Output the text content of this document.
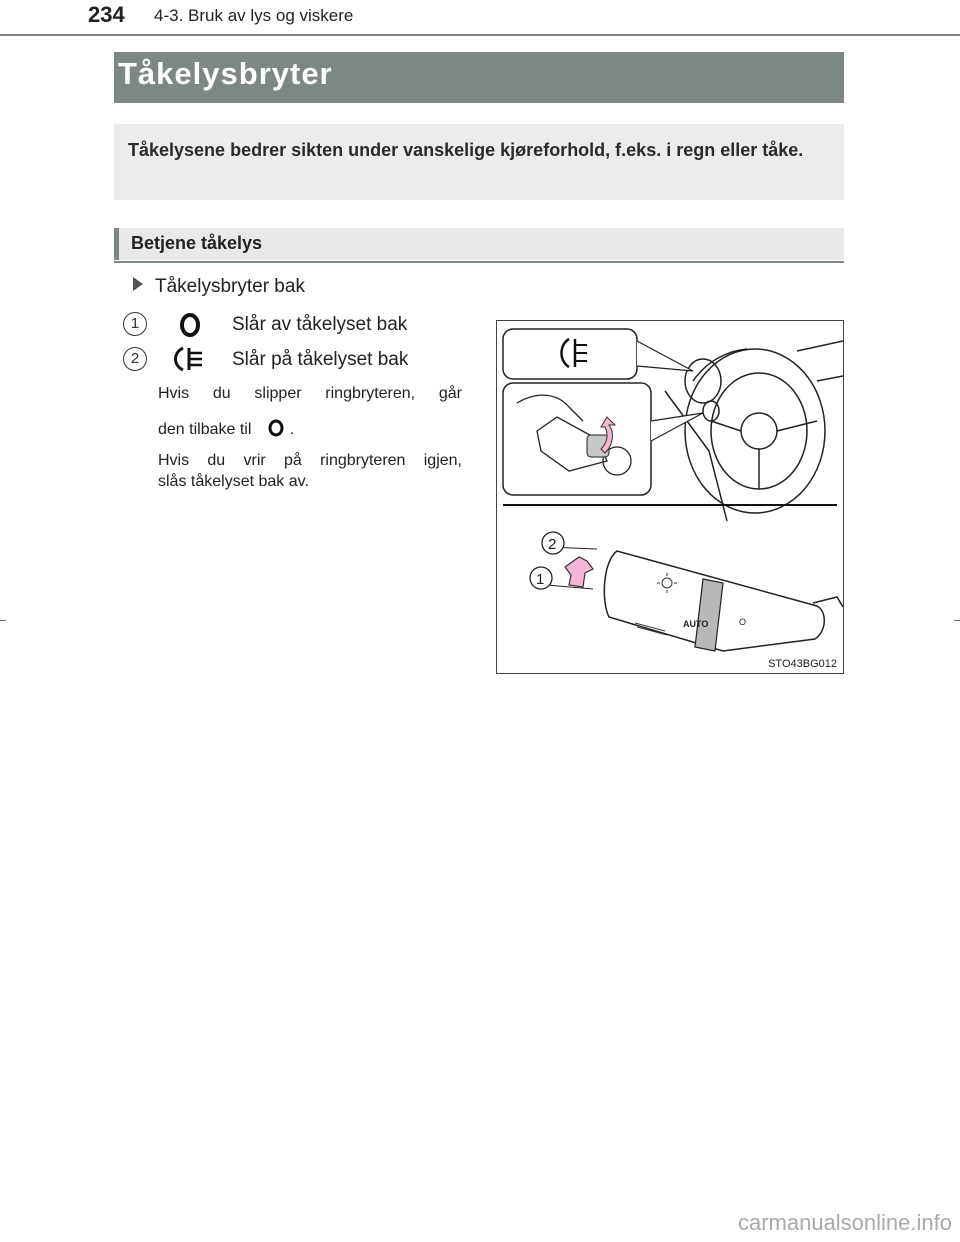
234 4-3. Bruk av lys og viskere
Tåkelysbryter

Tåkelysene bedrer sikten under vanskelige kjøreforhold, f.eks. i regn eller tåke.

Betjene tåkelys
Tåkelysbryter bak
1	Slår av tåkelyset bak
2	Slår på tåkelyset bak
Hvis du slipper ringbryteren, går
den tilbake til .
Hvis du vrir på ringbryteren igjen,
slås tåkelyset bak av.
AUTO	O
2
1
STO43BG012
carmanualsonline.info
